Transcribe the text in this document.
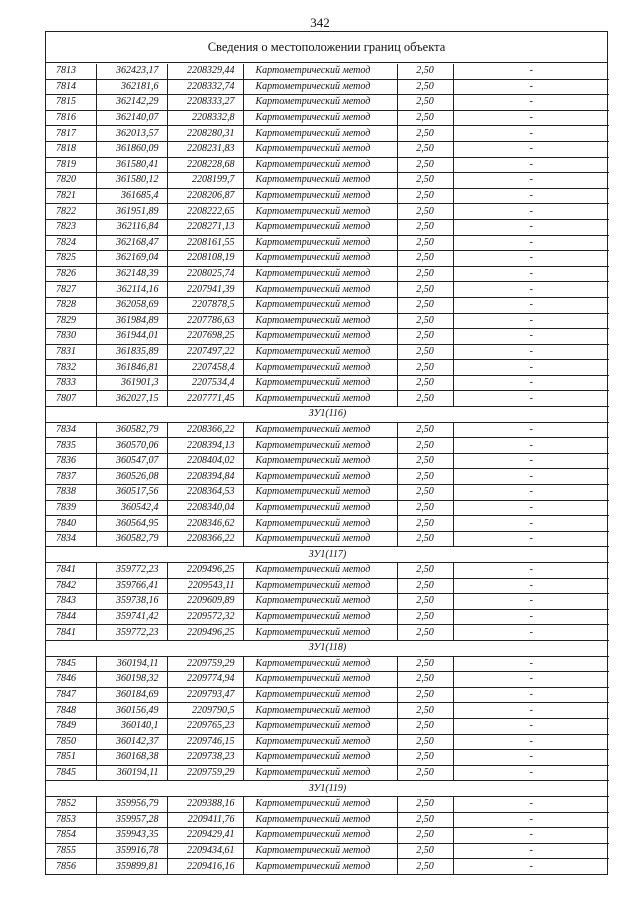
342
Сведения о местоположении границ объекта
7813	362423,17	2208329,44	Картометрический метод	2,50	-
7814	362181,6	2208332,74	Картометрический метод	2,50	-
7815	362142,29	2208333,27	Картометрический метод	2,50	-
7816	362140,07	2208332,8	Картометрический метод	2,50	-
7817	362013,57	2208280,31	Картометрический метод	2,50	-
7818	361860,09	2208231,83	Картометрический метод	2,50	-
7819	361580,41	2208228,68	Картометрический метод	2,50	-
7820	361580,12	2208199,7	Картометрический метод	2,50	-
7821	361685,4	2208206,87	Картометрический метод	2,50	-
7822	361951,89	2208222,65	Картометрический метод	2,50	-
7823	362116,84	2208271,13	Картометрический метод	2,50	-
7824	362168,47	2208161,55	Картометрический метод	2,50	-
7825	362169,04	2208108,19	Картометрический метод	2,50	-
7826	362148,39	2208025,74	Картометрический метод	2,50	-
7827	362114,16	2207941,39	Картометрический метод	2,50	-
7828	362058,69	2207878,5	Картометрический метод	2,50	-
7829	361984,89	2207786,63	Картометрический метод	2,50	-
7830	361944,01	2207698,25	Картометрический метод	2,50	-
7831	361835,89	2207497,22	Картометрический метод	2,50	-
7832	361846,81	2207458,4	Картометрический метод	2,50	-
7833	361901,3	2207534,4	Картометрический метод	2,50	-
7807	362027,15	2207771,45	Картометрический метод	2,50	-
ЗУ1(116)					
7834	360582,79	2208366,22	Картометрический метод	2,50	-
7835	360570,06	2208394,13	Картометрический метод	2,50	-
7836	360547,07	2208404,02	Картометрический метод	2,50	-
7837	360526,08	2208394,84	Картометрический метод	2,50	-
7838	360517,56	2208364,53	Картометрический метод	2,50	-
7839	360542,4	2208340,04	Картометрический метод	2,50	-
7840	360564,95	2208346,62	Картометрический метод	2,50	-
7834	360582,79	2208366,22	Картометрический метод	2,50	-
ЗУ1(117)					
7841	359772,23	2209496,25	Картометрический метод	2,50	-
7842	359766,41	2209543,11	Картометрический метод	2,50	-
7843	359738,16	2209609,89	Картометрический метод	2,50	-
7844	359741,42	2209572,32	Картометрический метод	2,50	-
7841	359772,23	2209496,25	Картометрический метод	2,50	-
ЗУ1(118)					
7845	360194,11	2209759,29	Картометрический метод	2,50	-
7846	360198,32	2209774,94	Картометрический метод	2,50	-
7847	360184,69	2209793,47	Картометрический метод	2,50	-
7848	360156,49	2209790,5	Картометрический метод	2,50	-
7849	360140,1	2209765,23	Картометрический метод	2,50	-
7850	360142,37	2209746,15	Картометрический метод	2,50	-
7851	360168,38	2209738,23	Картометрический метод	2,50	-
7845	360194,11	2209759,29	Картометрический метод	2,50	-
ЗУ1(119)					
7852	359956,79	2209388,16	Картометрический метод	2,50	-
7853	359957,28	2209411,76	Картометрический метод	2,50	-
7854	359943,35	2209429,41	Картометрический метод	2,50	-
7855	359916,78	2209434,61	Картометрический метод	2,50	-
7856	359899,81	2209416,16	Картометрический метод	2,50	-
